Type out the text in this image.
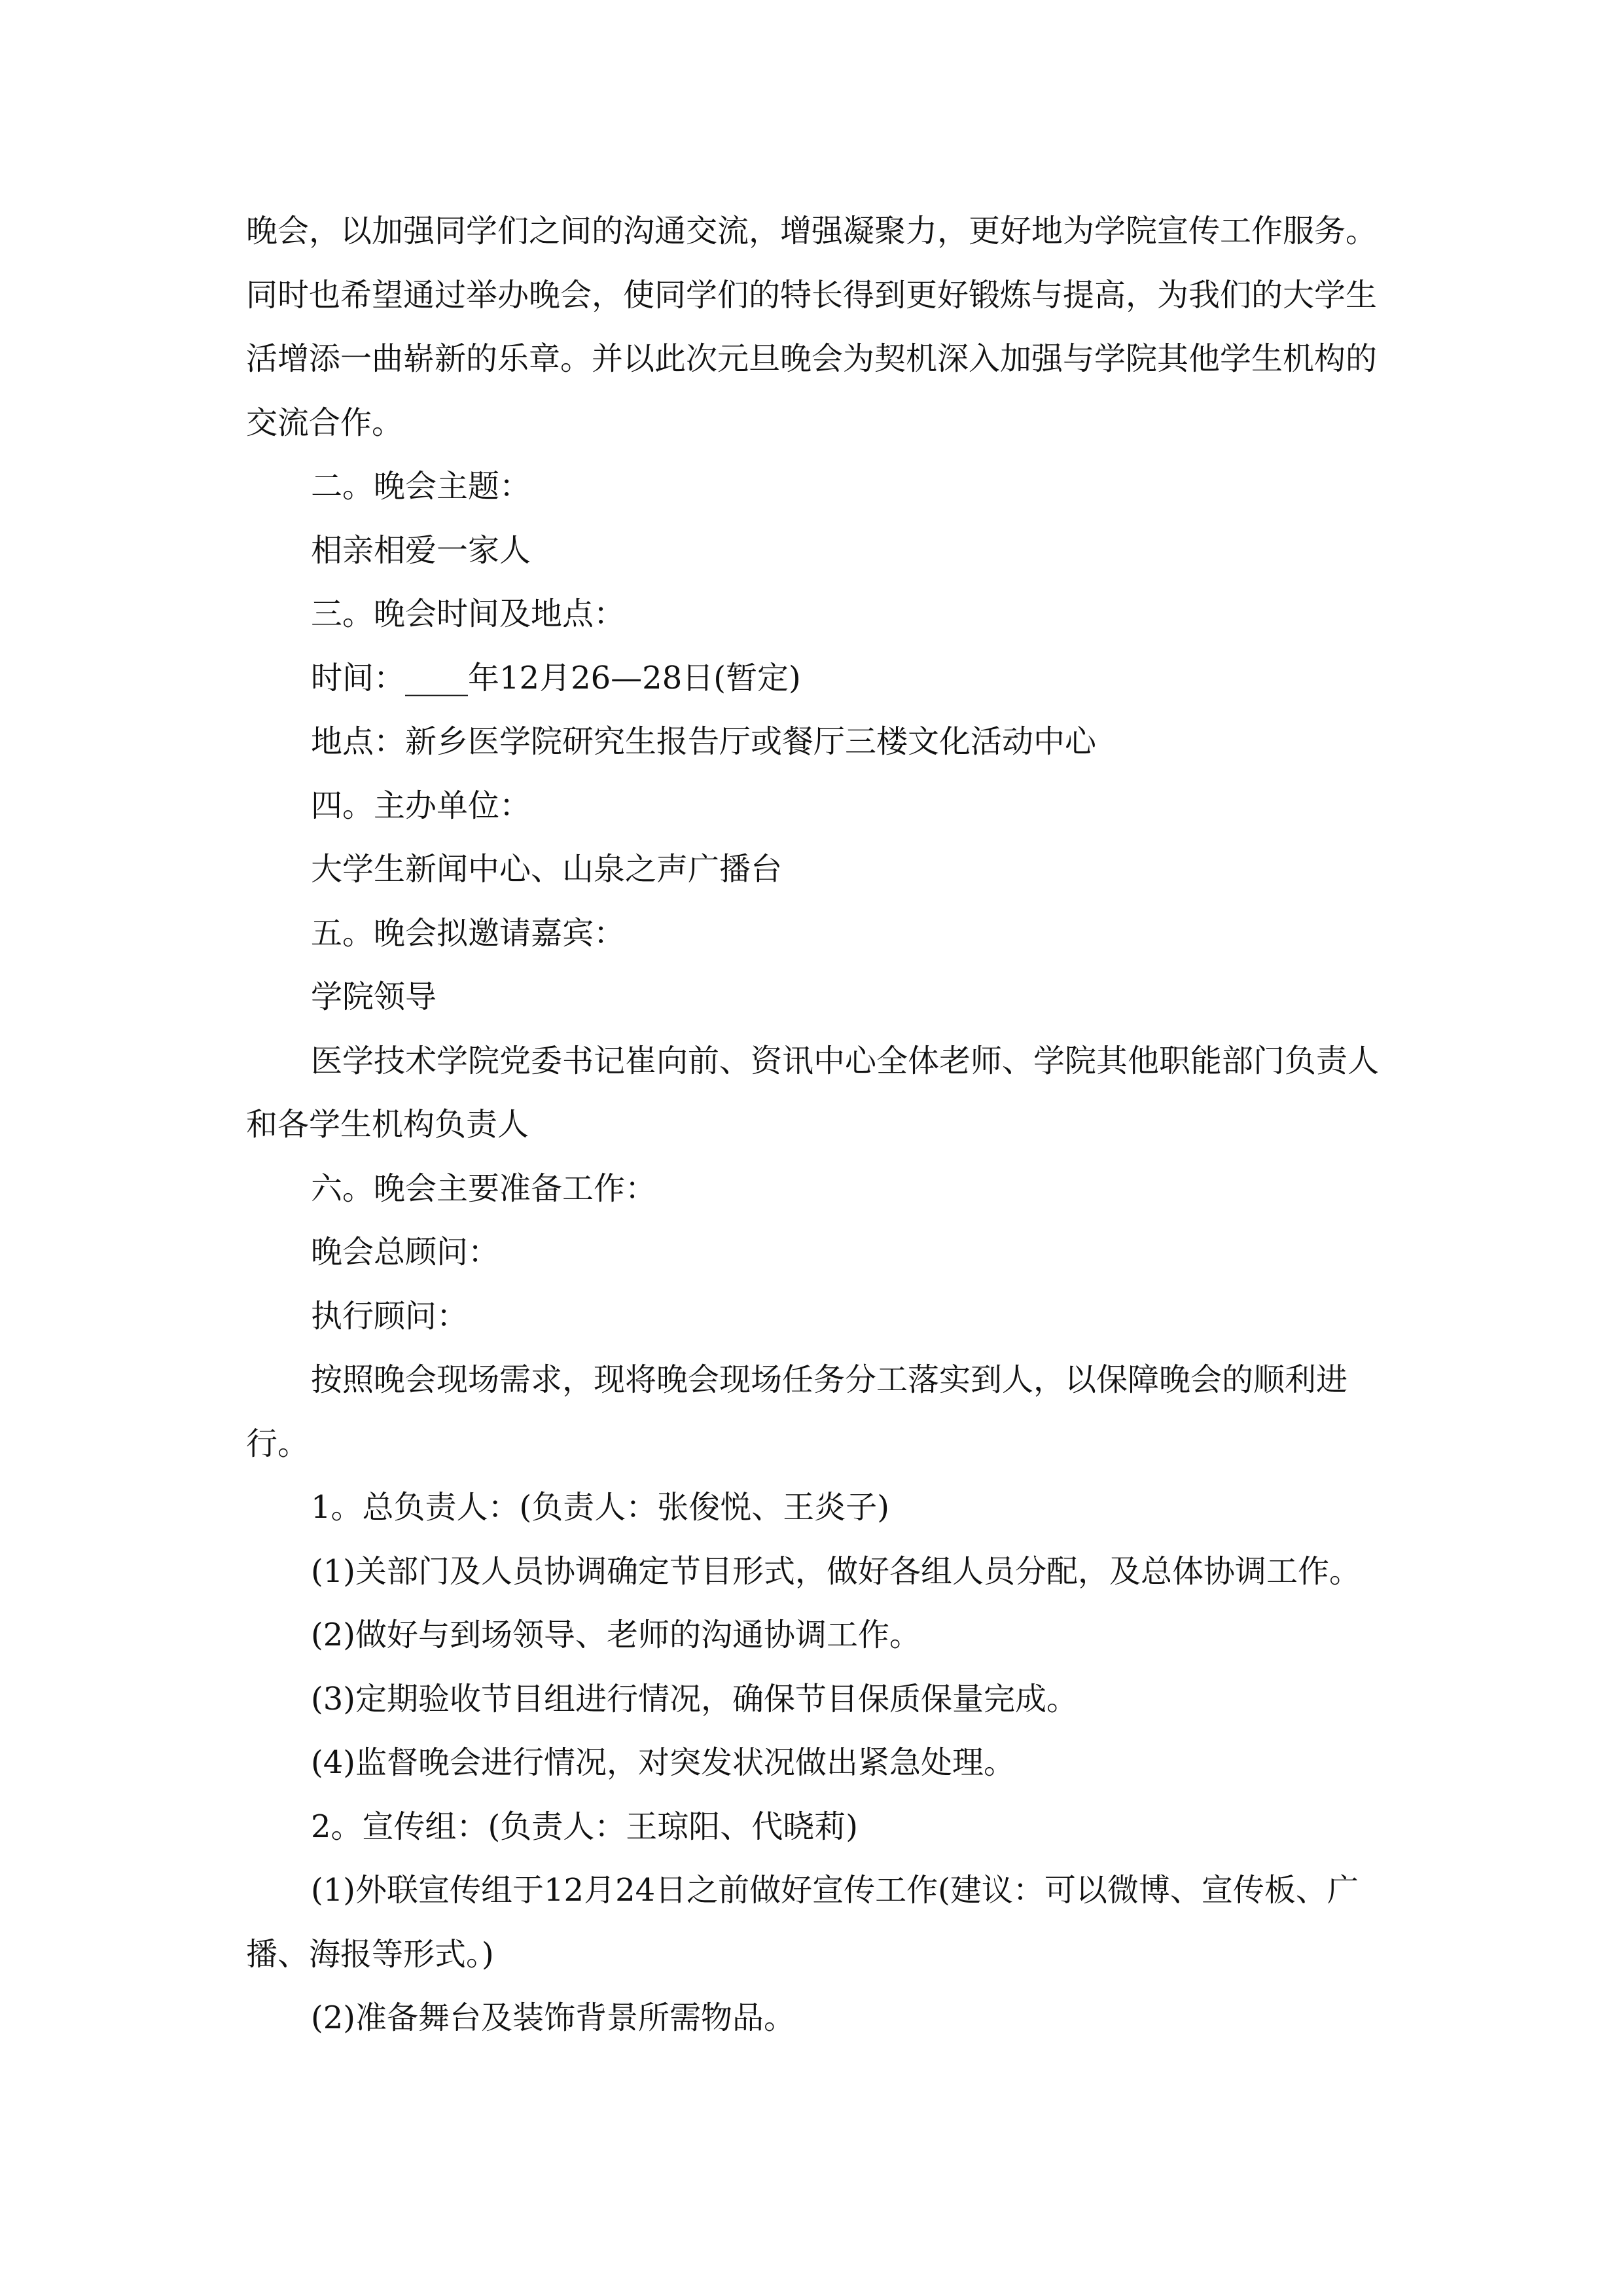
晚会，以加强同学们之间的沟通交流，增强凝聚力，更好地为学院宣传工作服务。同时也希望通过举办晚会，使同学们的特长得到更好锻炼与提高，为我们的大学生活增添一曲崭新的乐章。并以此次元旦晚会为契机深入加强与学院其他学生机构的交流合作。

二。晚会主题：

相亲相爱一家人

三。晚会时间及地点：

时间：____年12月26—28日(暂定)

地点：新乡医学院研究生报告厅或餐厅三楼文化活动中心

四。主办单位：

大学生新闻中心、山泉之声广播台

五。晚会拟邀请嘉宾：

学院领导

医学技术学院党委书记崔向前、资讯中心全体老师、学院其他职能部门负责人和各学生机构负责人

六。晚会主要准备工作：

晚会总顾问：

执行顾问：

按照晚会现场需求，现将晚会现场任务分工落实到人，以保障晚会的顺利进行。

1。总负责人：(负责人：张俊悦、王炎子)

(1)关部门及人员协调确定节目形式，做好各组人员分配，及总体协调工作。

(2)做好与到场领导、老师的沟通协调工作。

(3)定期验收节目组进行情况，确保节目保质保量完成。

(4)监督晚会进行情况，对突发状况做出紧急处理。

2。宣传组：(负责人：王琼阳、代晓莉)

(1)外联宣传组于12月24日之前做好宣传工作(建议：可以微博、宣传板、广播、海报等形式。)

(2)准备舞台及装饰背景所需物品。
